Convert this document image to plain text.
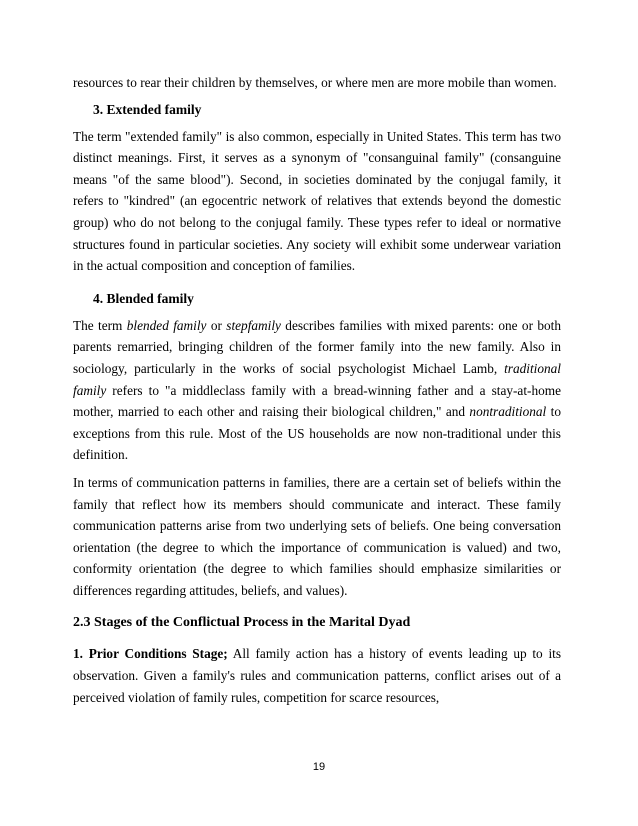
resources to rear their children by themselves, or where men are more mobile than women.

3. Extended family

The term "extended family" is also common, especially in United States. This term has two distinct meanings. First, it serves as a synonym of "consanguinal family" (consanguine means "of the same blood"). Second, in societies dominated by the conjugal family, it refers to "kindred" (an egocentric network of relatives that extends beyond the domestic group) who do not belong to the conjugal family. These types refer to ideal or normative structures found in particular societies. Any society will exhibit some underwear variation in the actual composition and conception of families.

4. Blended family

The term blended family or stepfamily describes families with mixed parents: one or both parents remarried, bringing children of the former family into the new family. Also in sociology, particularly in the works of social psychologist Michael Lamb, traditional family refers to "a middleclass family with a bread-winning father and a stay-at-home mother, married to each other and raising their biological children," and nontraditional to exceptions from this rule. Most of the US households are now non-traditional under this definition.

In terms of communication patterns in families, there are a certain set of beliefs within the family that reflect how its members should communicate and interact. These family communication patterns arise from two underlying sets of beliefs. One being conversation orientation (the degree to which the importance of communication is valued) and two, conformity orientation (the degree to which families should emphasize similarities or differences regarding attitudes, beliefs, and values).

2.3 Stages of the Conflictual Process in the Marital Dyad

1. Prior Conditions Stage; All family action has a history of events leading up to its observation. Given a family's rules and communication patterns, conflict arises out of a perceived violation of family rules, competition for scarce resources,

19
